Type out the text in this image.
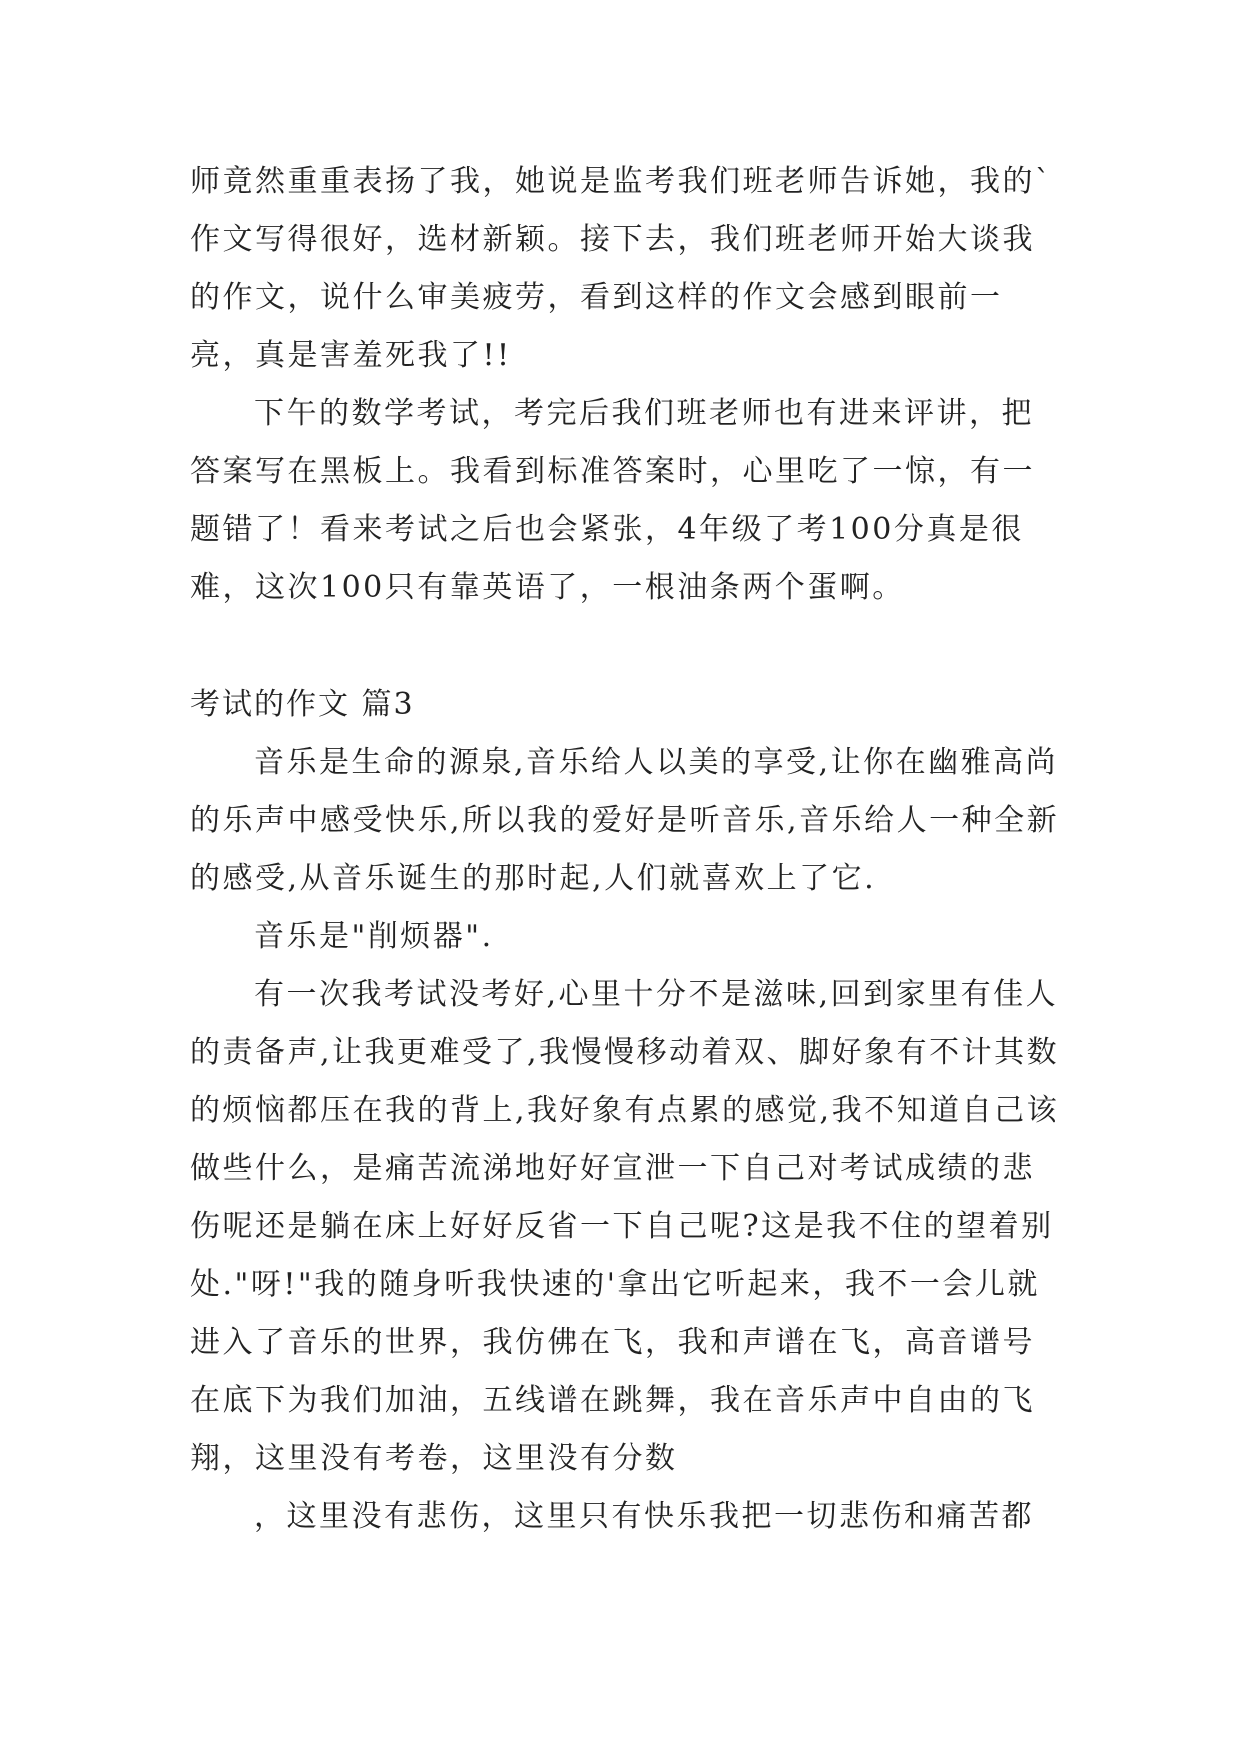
师竟然重重表扬了我，她说是监考我们班老师告诉她，我的`作文写得很好，选材新颖。接下去，我们班老师开始大谈我的作文，说什么审美疲劳，看到这样的作文会感到眼前一亮，真是害羞死我了!!

下午的数学考试，考完后我们班老师也有进来评讲，把答案写在黑板上。我看到标准答案时，心里吃了一惊，有一题错了！看来考试之后也会紧张，4年级了考100分真是很难，这次100只有靠英语了，一根油条两个蛋啊。

考试的作文 篇3

音乐是生命的源泉,音乐给人以美的享受,让你在幽雅高尚的乐声中感受快乐,所以我的爱好是听音乐,音乐给人一种全新的感受,从音乐诞生的那时起,人们就喜欢上了它.

音乐是"削烦器".

有一次我考试没考好,心里十分不是滋味,回到家里有佳人的责备声,让我更难受了,我慢慢移动着双、脚好象有不计其数的烦恼都压在我的背上,我好象有点累的感觉,我不知道自己该做些什么，是痛苦流涕地好好宣泄一下自己对考试成绩的悲伤呢还是躺在床上好好反省一下自己呢?这是我不住的望着别处."呀!"我的随身听我快速的'拿出它听起来，我不一会儿就进入了音乐的世界，我仿佛在飞，我和声谱在飞，高音谱号在底下为我们加油，五线谱在跳舞，我在音乐声中自由的飞翔，这里没有考卷，这里没有分数

，这里没有悲伤，这里只有快乐我把一切悲伤和痛苦都
